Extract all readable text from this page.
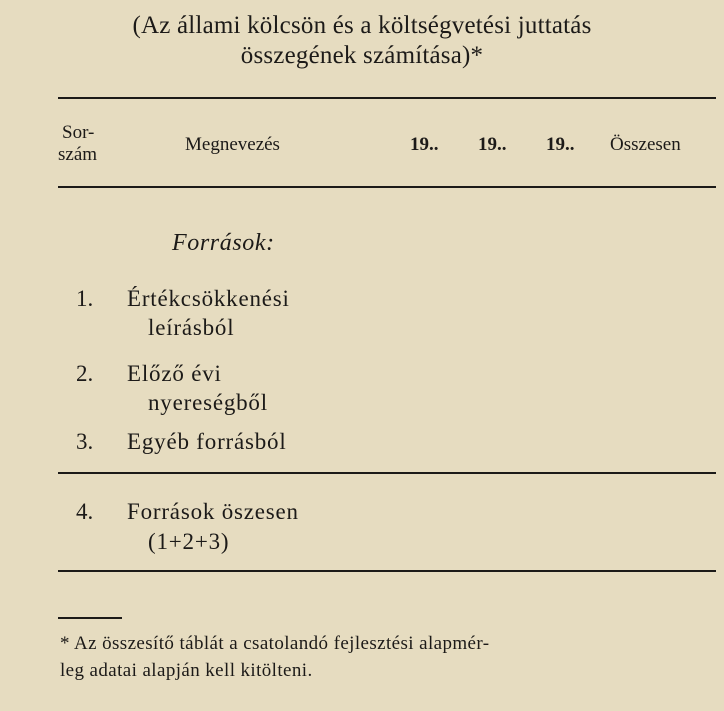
(Az állami kölcsön és a költségvetési juttatás
összegének számítása)*
Sor-
szám	Megnevezés	19.. 19.. 19.. Összesen
Források:
1. Értékcsökkenési
leírásból
2. Előző évi
nyereségből
3. Egyéb forrásból
4. Források öszesen
(1+2+3)
* Az összesítő táblát a csatolandó fejlesztési alapmér-
leg adatai alapján kell kitölteni.
